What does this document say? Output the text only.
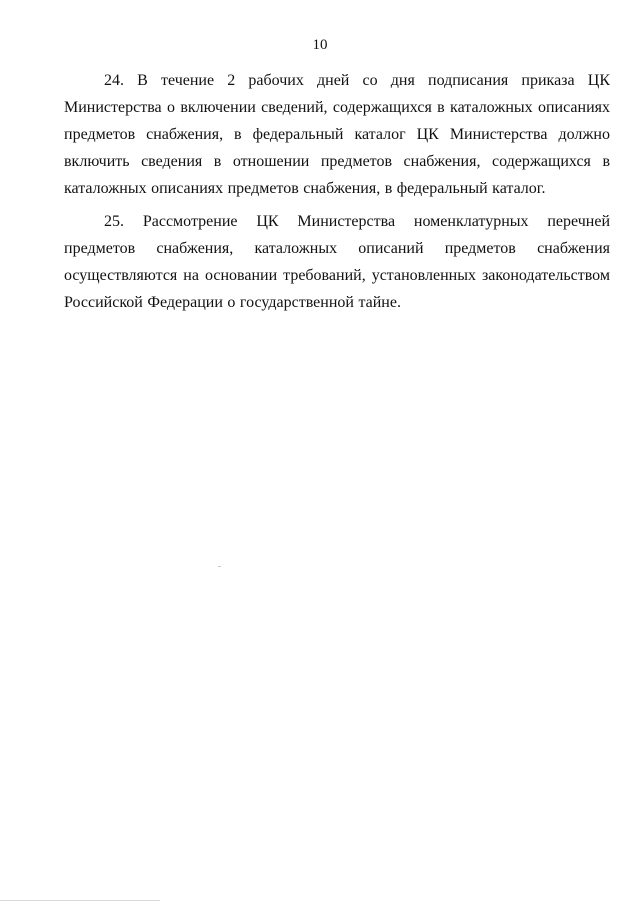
10

24. В течение 2 рабочих дней со дня подписания приказа ЦК Министерства о включении сведений, содержащихся в каталожных описаниях предметов снабжения, в федеральный каталог ЦК Министерства должно включить сведения в отношении предметов снабжения, содержащихся в каталожных описаниях предметов снабжения, в федеральный каталог.

25. Рассмотрение ЦК Министерства номенклатурных перечней предметов снабжения, каталожных описаний предметов снабжения осуществляются на основании требований, установленных законодательством Российской Федерации о государственной тайне.
